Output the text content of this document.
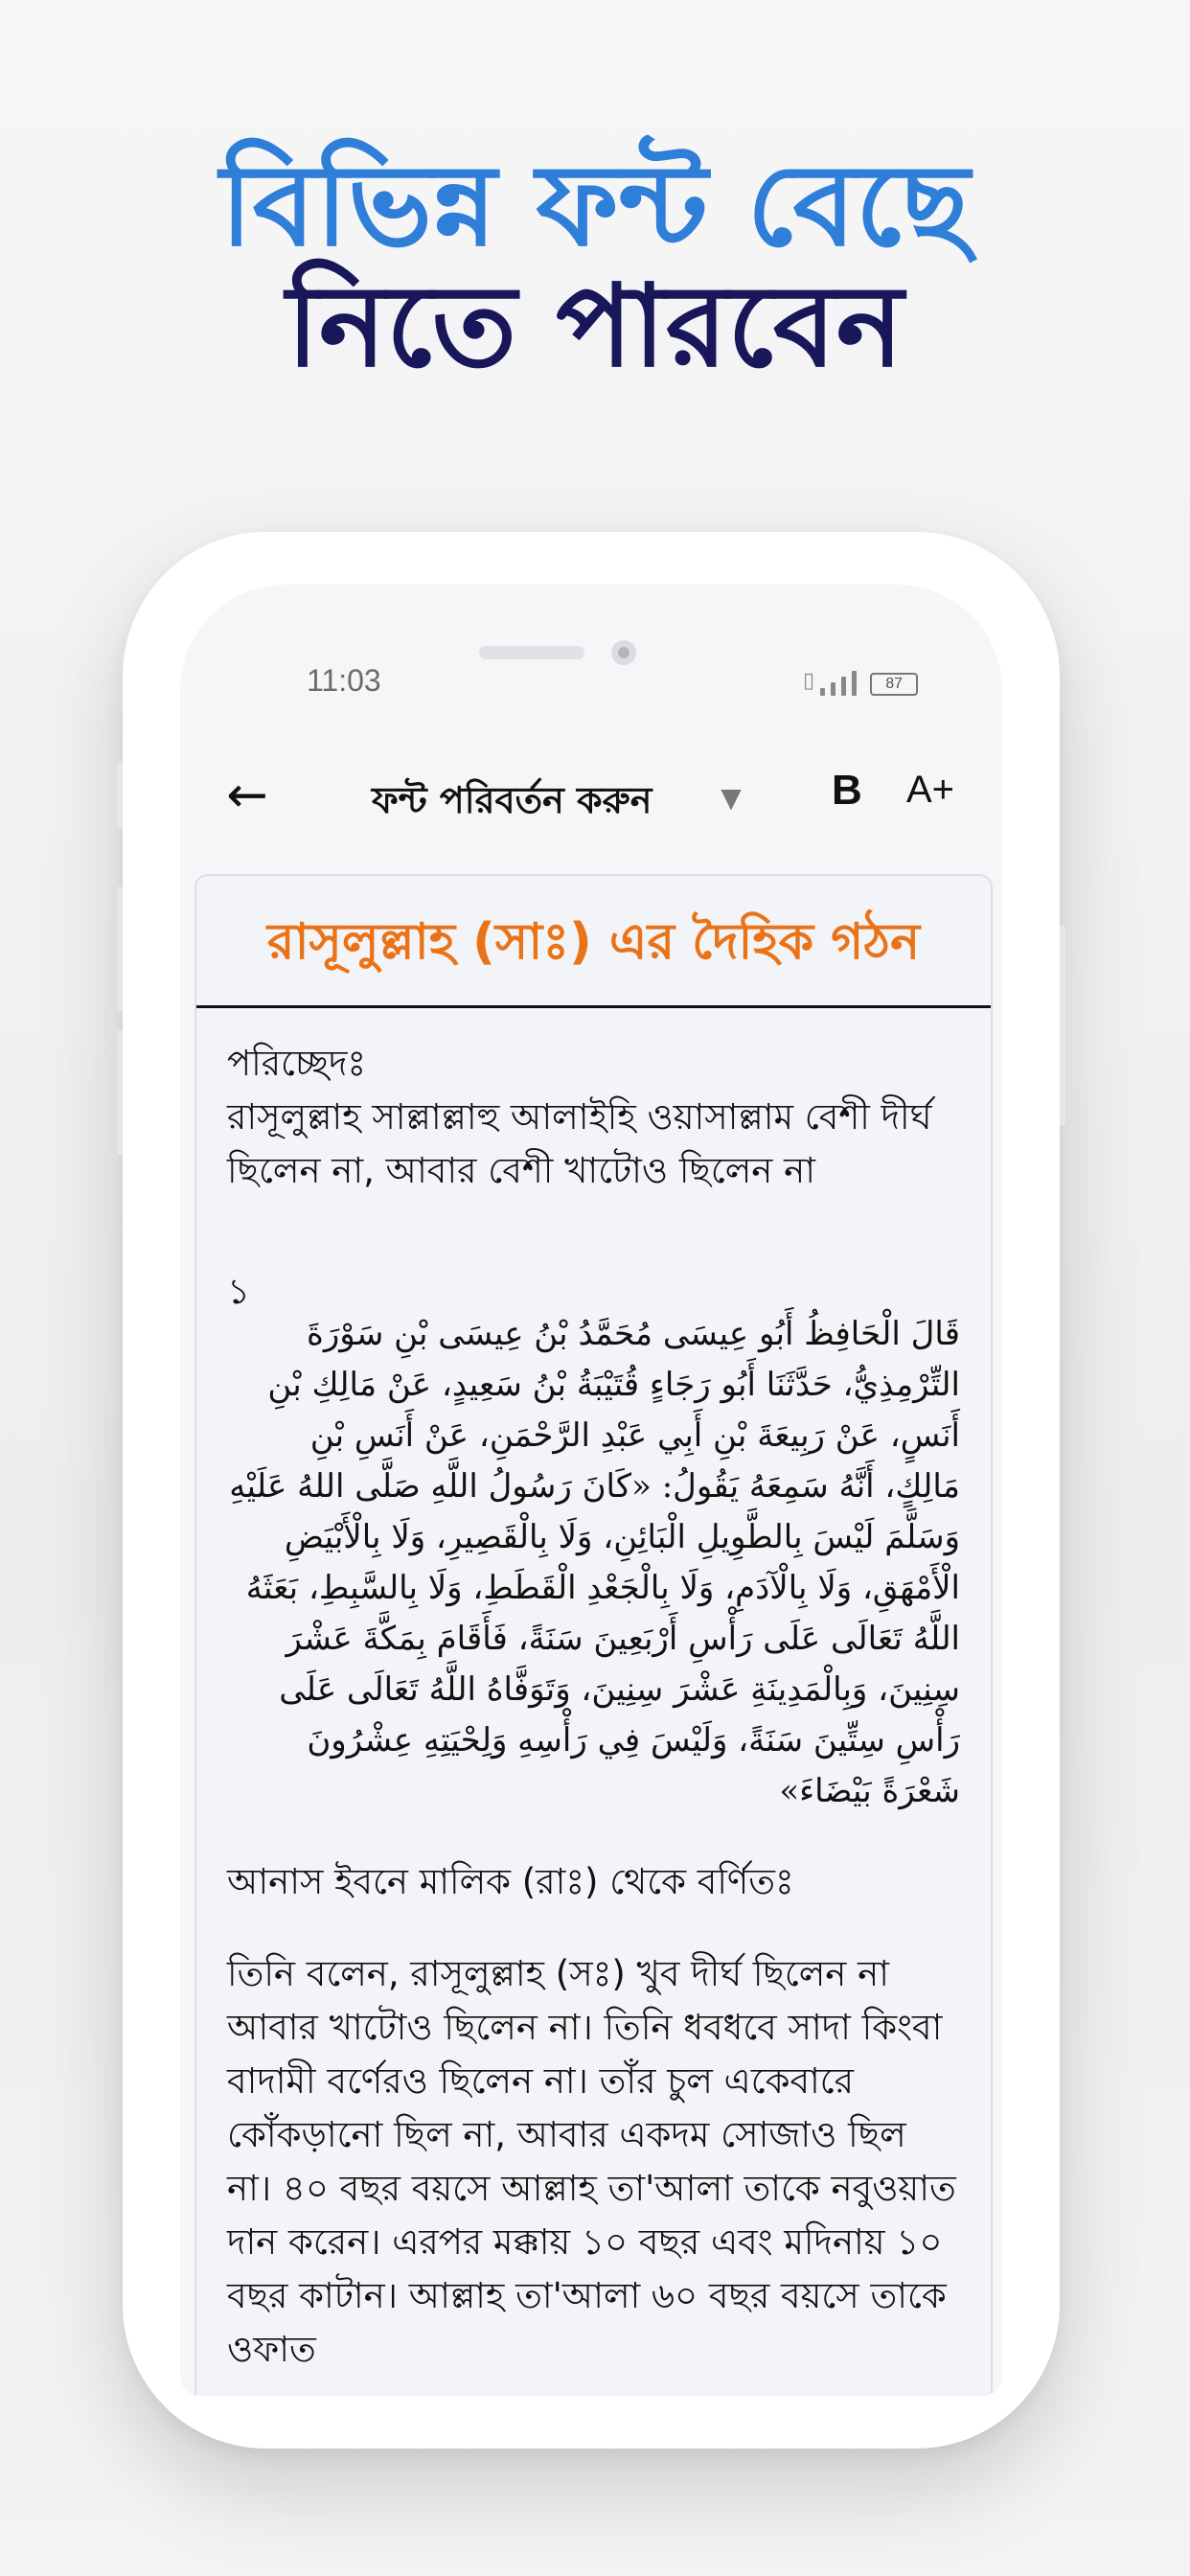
বিভিন্ন ফন্ট বেছে
নিতে পারবেন
11:03	▯	87
←	ফন্ট পরিবর্তন করুন	▼ B A+
রাসূলুল্লাহ (সাঃ) এর দৈহিক গঠন
পরিচ্ছেদঃ
রাসূলুল্লাহ সাল্লাল্লাহু আলাইহি ওয়াসাল্লাম বেশী দীর্ঘ ছিলেন না, আবার বেশী খাটোও ছিলেন না
১
قَالَ الْحَافِظُ أَبُو عِيسَى مُحَمَّدُ بْنُ عِيسَى بْنِ سَوْرَةَ التِّرْمِذِيُّ، حَدَّثَنَا أَبُو رَجَاءٍ قُتَيْبَةُ بْنُ سَعِيدٍ، عَنْ مَالِكِ بْنِ أَنَسٍ، عَنْ رَبِيعَةَ بْنِ أَبِي عَبْدِ الرَّحْمَنِ، عَنْ أَنَسِ بْنِ مَالِكٍ، أَنَّهُ سَمِعَهُ يَقُولُ: «كَانَ رَسُولُ اللَّهِ صَلَّى اللهُ عَلَيْهِ وَسَلَّمَ لَيْسَ بِالطَّوِيلِ الْبَائِنِ، وَلَا بِالْقَصِيرِ، وَلَا بِالْأَبْيَضِ الْأَمْهَقِ، وَلَا بِالْآدَمِ، وَلَا بِالْجَعْدِ الْقَطَطِ، وَلَا بِالسَّبِطِ، بَعَثَهُ اللَّهُ تَعَالَى عَلَى رَأْسِ أَرْبَعِينَ سَنَةً، فَأَقَامَ بِمَكَّةَ عَشْرَ سِنِينَ، وَبِالْمَدِينَةِ عَشْرَ سِنِينَ، وَتَوَفَّاهُ اللَّهُ تَعَالَى عَلَى رَأْسِ سِتِّينَ سَنَةً، وَلَيْسَ فِي رَأْسِهِ وَلِحْيَتِهِ عِشْرُونَ شَعْرَةً بَيْضَاءَ»
আনাস ইবনে মালিক (রাঃ) থেকে বর্ণিতঃ
তিনি বলেন, রাসূলুল্লাহ (সঃ) খুব দীর্ঘ ছিলেন না আবার খাটোও ছিলেন না। তিনি ধবধবে সাদা কিংবা বাদামী বর্ণেরও ছিলেন না। তাঁর চুল একেবারে কোঁকড়ানো ছিল না, আবার একদম সোজাও ছিল না। ৪০ বছর বয়সে আল্লাহ তা'আলা তাকে নবুওয়াত দান করেন। এরপর মক্কায় ১০ বছর এবং মদিনায় ১০ বছর কাটান। আল্লাহ তা'আলা ৬০ বছর বয়সে তাকে ওফাত
